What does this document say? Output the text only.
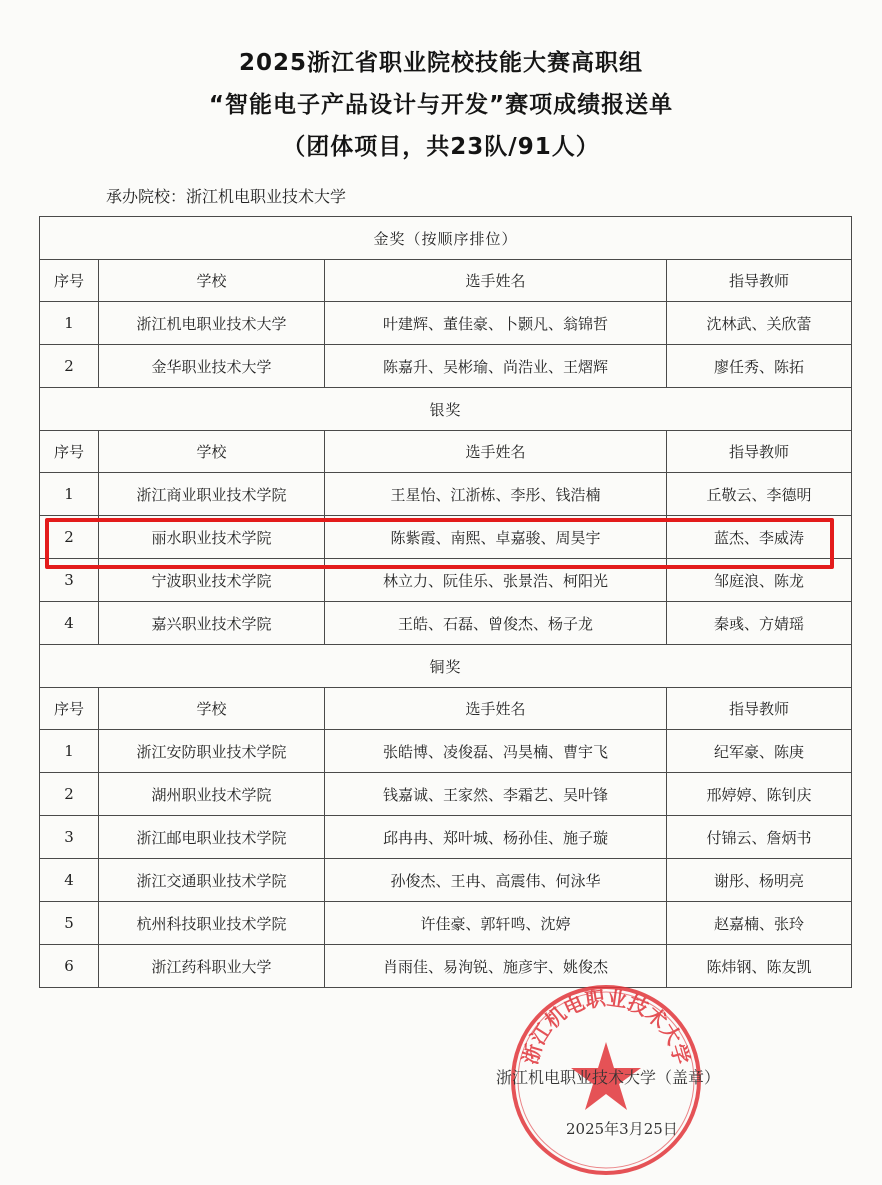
2025浙江省职业院校技能大赛高职组
“智能电子产品设计与开发”赛项成绩报送单
（团体项目，共23队/91人）
承办院校：浙江机电职业技术大学
金奖（按顺序排位）			
序号	学校	选手姓名	指导教师
1	浙江机电职业技术大学	叶建辉、董佳豪、卜颢凡、翁锦哲	沈林武、关欣蕾
2	金华职业技术大学	陈嘉升、吴彬瑜、尚浩业、王熠辉	廖任秀、陈拓
银奖			
序号	学校	选手姓名	指导教师
1	浙江商业职业技术学院	王星怡、江浙栋、李彤、钱浩楠	丘敬云、李德明
2	丽水职业技术学院	陈紫霞、南熙、卓嘉骏、周昊宇	蓝杰、李威涛
3	宁波职业技术学院	林立力、阮佳乐、张景浩、柯阳光	邹庭浪、陈龙
4	嘉兴职业技术学院	王皓、石磊、曾俊杰、杨子龙	秦彧、方婧瑶
铜奖			
序号	学校	选手姓名	指导教师
1	浙江安防职业技术学院	张皓博、凌俊磊、冯昊楠、曹宇飞	纪军豪、陈庚
2	湖州职业技术学院	钱嘉诚、王家然、李霜艺、吴叶锋	邢婷婷、陈钊庆
3	浙江邮电职业技术学院	邱冉冉、郑叶城、杨孙佳、施子璇	付锦云、詹炳书
4	浙江交通职业技术学院	孙俊杰、王冉、高震伟、何泳华	谢彤、杨明亮
5	杭州科技职业技术学院	许佳豪、郭轩鸣、沈婷	赵嘉楠、张玲
6	浙江药科职业大学	肖雨佳、易洵锐、施彦宇、姚俊杰	陈炜钢、陈友凯
浙江机电职业技术大学
浙江机电职业技术大学（盖章）
2025年3月25日
